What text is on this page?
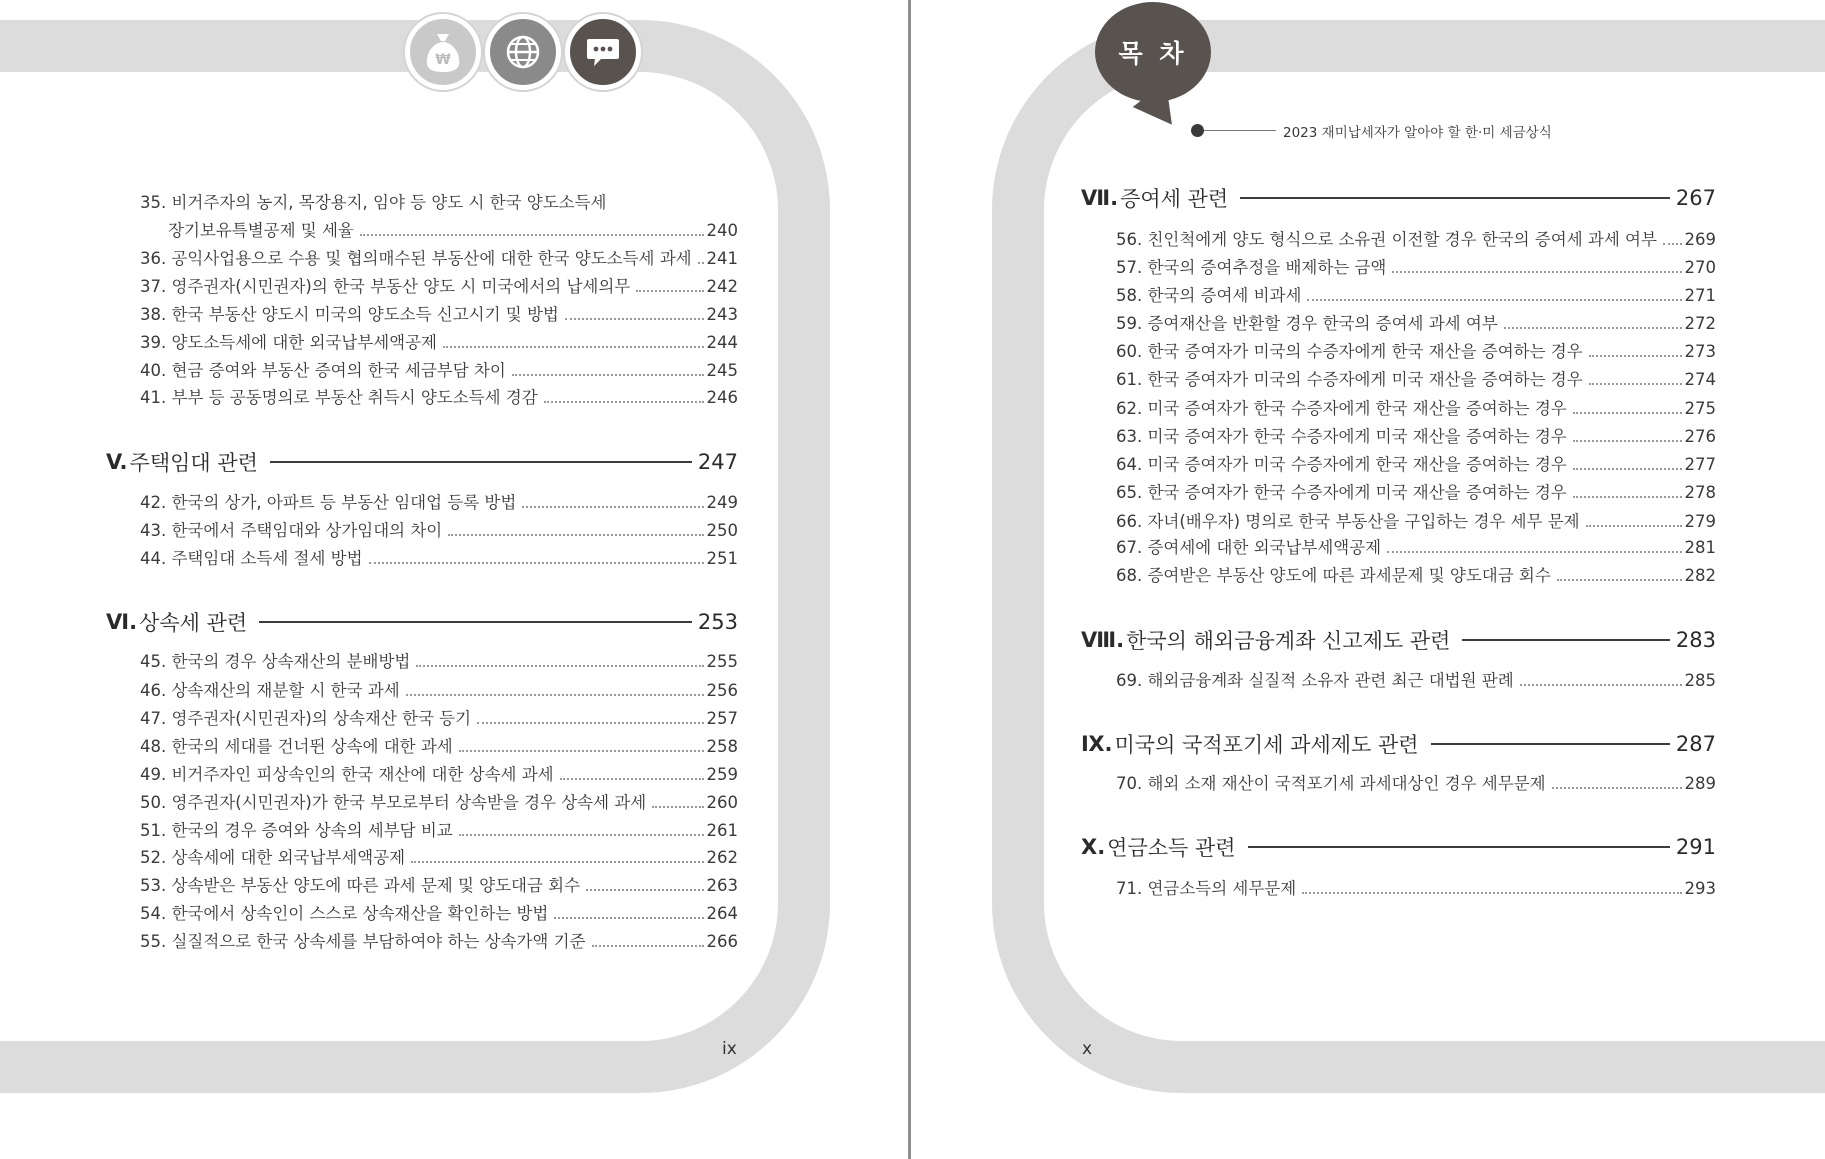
₩
35. 비거주자의 농지, 목장용지, 임야 등 양도 시 한국 양도소득세
장기보유특별공제 및 세율	240
36. 공익사업용으로 수용 및 협의매수된 부동산에 대한 한국 양도소득세 과세 241
37. 영주권자(시민권자)의 한국 부동산 양도 시 미국에서의 납세의무	242
38. 한국 부동산 양도시 미국의 양도소득 신고시기 및 방법	243
39. 양도소득세에 대한 외국납부세액공제	244
40. 현금 증여와 부동산 증여의 한국 세금부담 차이	245
41. 부부 등 공동명의로 부동산 취득시 양도소득세 경감	246
V. 주택임대 관련	247
42. 한국의 상가, 아파트 등 부동산 임대업 등록 방법	249
43. 한국에서 주택임대와 상가임대의 차이	250
44. 주택임대 소득세 절세 방법	251
Ⅵ. 상속세 관련	253
45. 한국의 경우 상속재산의 분배방법	255
46. 상속재산의 재분할 시 한국 과세	256
47. 영주권자(시민권자)의 상속재산 한국 등기	257
48. 한국의 세대를 건너뛴 상속에 대한 과세	258
49. 비거주자인 피상속인의 한국 재산에 대한 상속세 과세	259
50. 영주권자(시민권자)가 한국 부모로부터 상속받을 경우 상속세 과세	260
51. 한국의 경우 증여와 상속의 세부담 비교	261
52. 상속세에 대한 외국납부세액공제	262
53. 상속받은 부동산 양도에 따른 과세 문제 및 양도대금 회수	263
54. 한국에서 상속인이 스스로 상속재산을 확인하는 방법	264
55. 실질적으로 한국 상속세를 부담하여야 하는 상속가액 기준	266
ix
목 차
2023 재미납세자가 알아야 할 한·미 세금상식
Ⅶ. 증여세 관련	267
56. 친인척에게 양도 형식으로 소유권 이전할 경우 한국의 증여세 과세 여부 269
57. 한국의 증여추정을 배제하는 금액	270
58. 한국의 증여세 비과세	271
59. 증여재산을 반환할 경우 한국의 증여세 과세 여부	272
60. 한국 증여자가 미국의 수증자에게 한국 재산을 증여하는 경우	273
61. 한국 증여자가 미국의 수증자에게 미국 재산을 증여하는 경우	274
62. 미국 증여자가 한국 수증자에게 한국 재산을 증여하는 경우	275
63. 미국 증여자가 한국 수증자에게 미국 재산을 증여하는 경우	276
64. 미국 증여자가 미국 수증자에게 한국 재산을 증여하는 경우	277
65. 한국 증여자가 한국 수증자에게 미국 재산을 증여하는 경우	278
66. 자녀(배우자) 명의로 한국 부동산을 구입하는 경우 세무 문제	279
67. 증여세에 대한 외국납부세액공제	281
68. 증여받은 부동산 양도에 따른 과세문제 및 양도대금 회수	282
Ⅷ. 한국의 해외금융계좌 신고제도 관련	283
69. 해외금융계좌 실질적 소유자 관련 최근 대법원 판례	285
Ⅸ. 미국의 국적포기세 과세제도 관련	287
70. 해외 소재 재산이 국적포기세 과세대상인 경우 세무문제	289
Ⅹ. 연금소득 관련	291
71. 연금소득의 세무문제	293
x
